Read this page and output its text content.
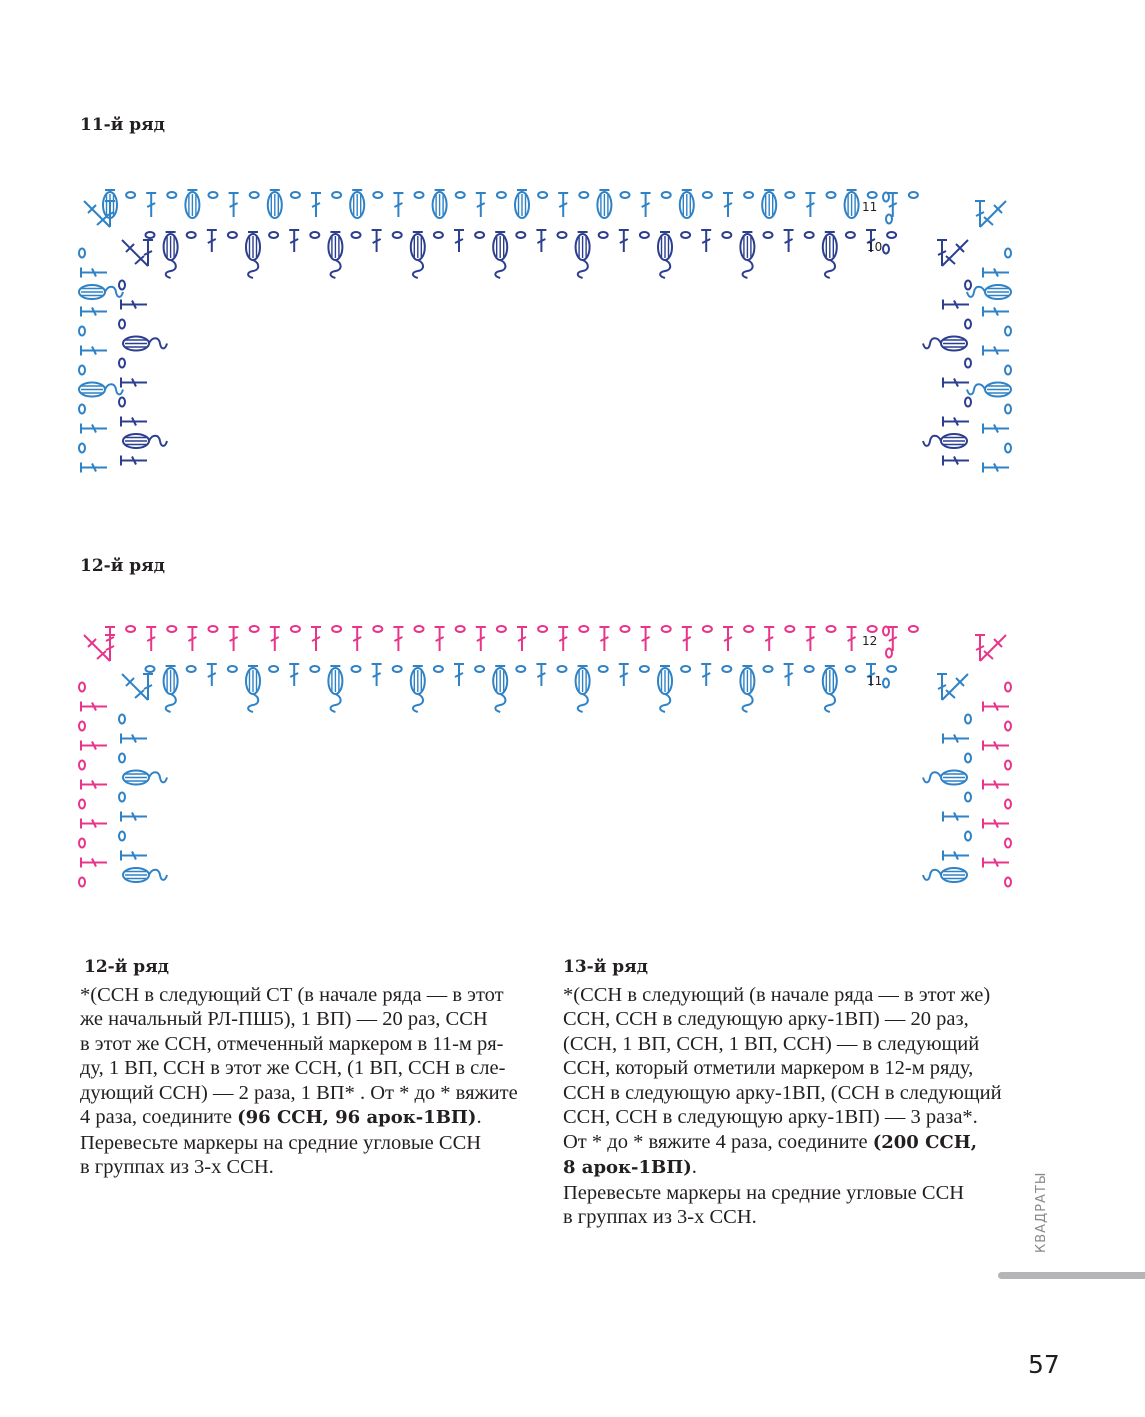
11-й ряд
11
10
12-й ряд
12
11
12-й ряд
*(ССН в следующий СТ (в начале ряда — в этот
же начальный РЛ-ПШ5), 1 ВП) — 20 раз, ССН
в этот же ССН, отмеченный маркером в 11-м ря-
ду, 1 ВП, ССН в этот же ССН, (1 ВП, ССН в сле-
дующий ССН) — 2 раза, 1 ВП* . От * до * вяжите
4 раза, соедините (96 ССН, 96 арок-1ВП).
Перевесьте маркеры на средние угловые ССН
в группах из 3-х ССН.
13-й ряд
*(ССН в следующий (в начале ряда — в этот же)
ССН, ССН в следующую арку-1ВП) — 20 раз,
(ССН, 1 ВП, ССН, 1 ВП, ССН) — в следующий
ССН, который отметили маркером в 12-м ряду,
ССН в следующую арку-1ВП, (ССН в следующий
ССН, ССН в следующую арку-1ВП) — 3 раза*.
От * до * вяжите 4 раза, соедините (200 ССН,
8 арок-1ВП).
Перевесьте маркеры на средние угловые ССН
в группах из 3-х ССН.	КВАДРАТЫ
57
